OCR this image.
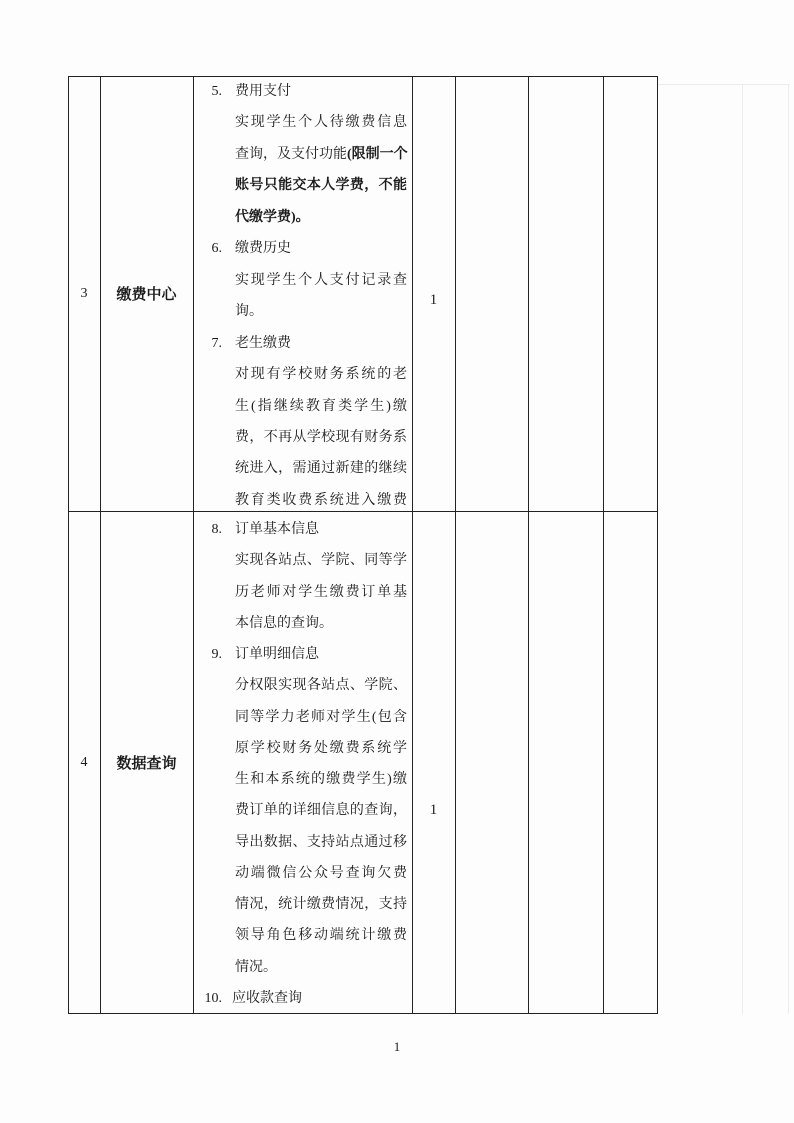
3	缴费中心
5. 费用支付
实现学生个人待缴费信息
查询，及支付功能(限制一个
账号只能交本人学费，不能
代缴学费)。
6. 缴费历史
实现学生个人支付记录查
询。
7. 老生缴费
对现有学校财务系统的老
生(指继续教育类学生)缴
费，不再从学校现有财务系
统进入，需通过新建的继续
教育类收费系统进入缴费
1
4	数据查询
8. 订单基本信息
实现各站点、学院、同等学
历老师对学生缴费订单基
本信息的查询。
9. 订单明细信息
分权限实现各站点、学院、
同等学力老师对学生(包含
原学校财务处缴费系统学
生和本系统的缴费学生)缴
费订单的详细信息的查询，
导出数据、支持站点通过移
动端微信公众号查询欠费
情况，统计缴费情况，支持
领导角色移动端统计缴费
情况。
10. 应收款查询
1
1
